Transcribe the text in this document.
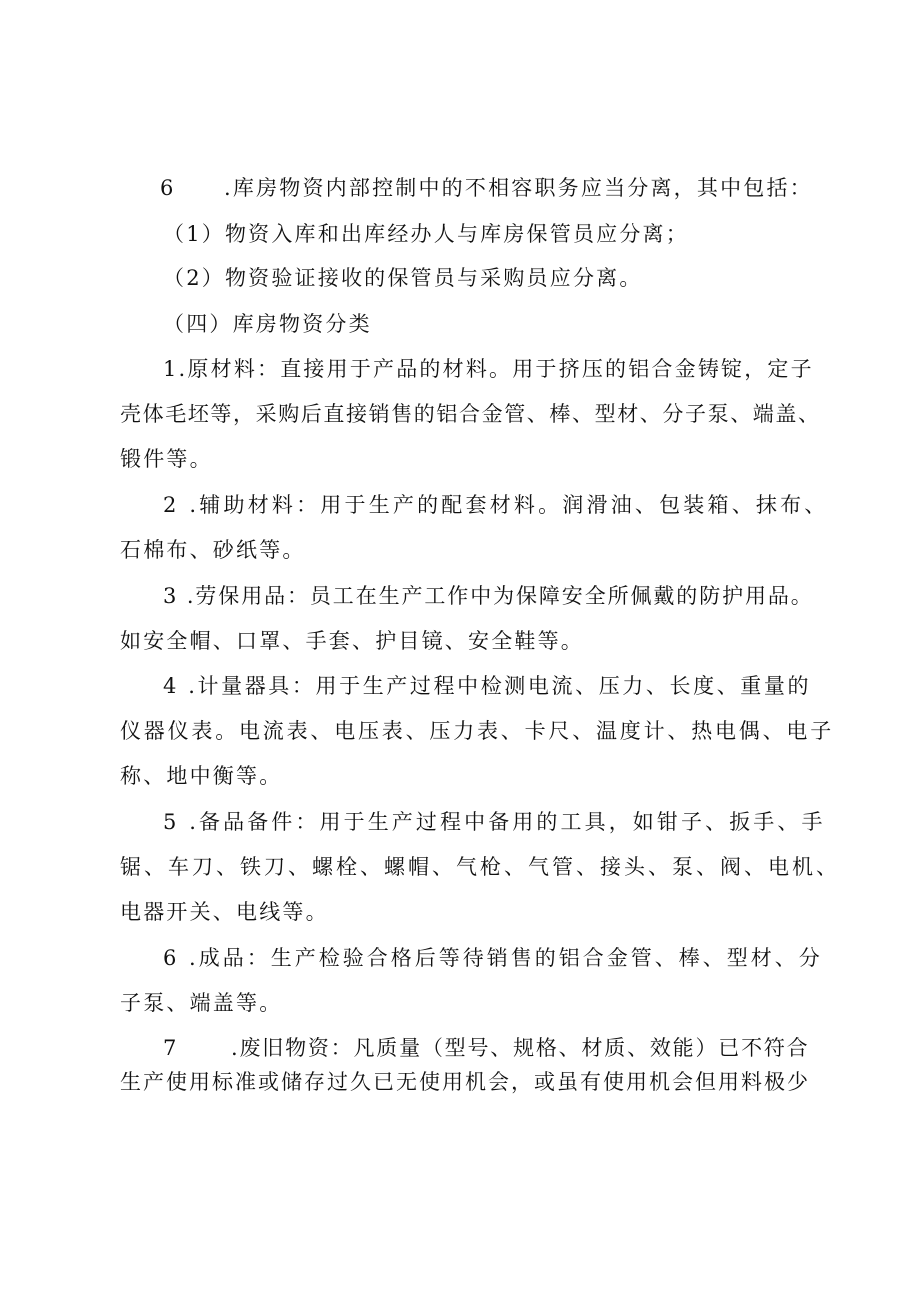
6 .库房物资内部控制中的不相容职务应当分离，其中包括：
（1）物资入库和出库经办人与库房保管员应分离；
（2）物资验证接收的保管员与采购员应分离。
（四）库房物资分类
1.原材料：直接用于产品的材料。用于挤压的铝合金铸锭，定子
壳体毛坯等，采购后直接销售的铝合金管、棒、型材、分子泵、端盖、
锻件等。
2 .辅助材料：用于生产的配套材料。润滑油、包装箱、抹布、
石棉布、砂纸等。
3 .劳保用品：员工在生产工作中为保障安全所佩戴的防护用品。
如安全帽、口罩、手套、护目镜、安全鞋等。
4 .计量器具：用于生产过程中检测电流、压力、长度、重量的
仪器仪表。电流表、电压表、压力表、卡尺、温度计、热电偶、电子
称、地中衡等。
5 .备品备件：用于生产过程中备用的工具，如钳子、扳手、手
锯、车刀、铁刀、螺栓、螺帽、气枪、气管、接头、泵、阀、电机、
电器开关、电线等。
6 .成品：生产检验合格后等待销售的铝合金管、棒、型材、分
子泵、端盖等。
7	.废旧物资：凡质量（型号、规格、材质、效能）已不符合
生产使用标准或储存过久已无使用机会，或虽有使用机会但用料极少
